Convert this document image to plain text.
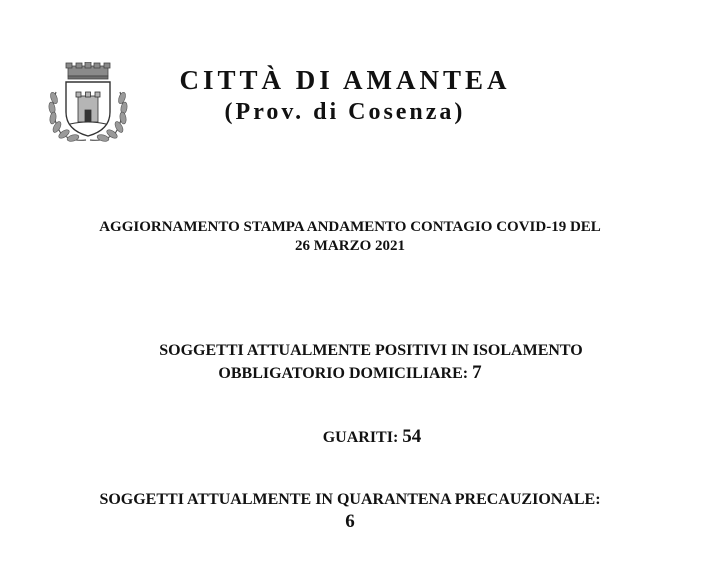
CITTÀ DI AMANTEA
(Prov. di Cosenza)
AGGIORNAMENTO STAMPA ANDAMENTO CONTAGIO COVID-19 DEL
26 MARZO 2021
SOGGETTI ATTUALMENTE POSITIVI IN ISOLAMENTO
OBBLIGATORIO DOMICILIARE: 7
GUARITI: 54
SOGGETTI ATTUALMENTE IN QUARANTENA PRECAUZIONALE:
6
